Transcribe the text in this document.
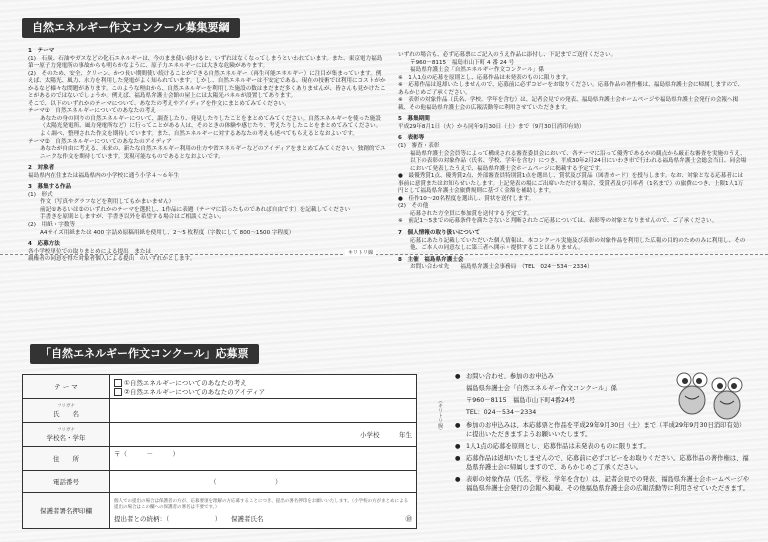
自然エネルギー作文コンクール募集要綱

1　テーマ

(1)　石炭、石油やガスなどの化石エネルギーは、今のまま使い続けると、いずれはなくなってしまうといわれています。また、東京電力福島第一原子力発電所の事故からも明らかなように、原子力エネルギーには大きな危険があります。

(2)　そのため、安全、クリーン、かつ長い期間使い続けることができる自然エネルギー（再生可能エネルギー）に注目が集まっています。例えば、太陽光、風力、水力を利用した発電がよく知られています。しかし、自然エネルギーは不安定である、現在の技術では利用にコストがかかるなど様々な問題があります。このような理由から、自然エネルギーを利用した施設の数はまだまだ多くありませんが、皆さんも見かけたことがあるのではないでしょうか。例えば、福島県弁護士会館の屋上には太陽光パネルが設置してあります。

そこで、以下のいずれかのテーマについて、あなたの考えやアイディアを作文にまとめてみてください。

テーマ①　自然エネルギーについてのあなたの考え

あなたの身の回りの自然エネルギーについて、調査したり、発見したりしたことをまとめてみてください。自然エネルギーを使った施設（太陽光発電所、風力発電所など）に行ってことがある人は、そのときの体験や感じたり、考えたりしたことをまとめてみてください。よく調べ、整理された作文を期待しています。また、自然エネルギーに対するあなたの考えも述べてもらえるとなおよいです。

テーマ②　自然エネルギーについてのあなたのアイディア

あなたが自由に考える、未来の、新たな自然エネルギー利用の仕方や省エネルギーなどのアイディアをまとめてみてください。独創的でユニークな作文を期待しています。実現可能なものであるとなおよいです。

2　対象者

福島県内在住または福島県内の小学校に通う小学４～６年生

3　募集する作品

(1)　形式

作文（写真やグラフなどを利用してもかまいません）

前記①あるいは②のいずれかのテーマを選択し、1作品に表題（テーマに沿ったものであれば自由です）を記載してください

手書きを原則としますが、手書き以外を希望する場合はご相談ください。

(2)　用紙・字数等

A4サイズ用紙または 400 字詰め原稿用紙を使用し、2～5 枚程度（字数にして 800～1500 字程度）

4　応募方法

各小学校単位での取りまとめによる提出　または

親権者の同意を得た対象者個人による提出　のいずれかとします。

いずれの場合も、必ず応募票にご記入のうえ作品に添付し、下記までご送付ください。

〒960－8115　福島市山下町 4 番 24 号

福島県弁護士会「自然エネルギー作文コンクール」係

※　1人1点の応募を原則とし、応募作品は未発表のものに限ります。

※　応募作品は返却いたしませんので、応募前に必ずコピーをお取りください。応募作品の著作権は、福島県弁護士会に帰属しますので、あらかじめご了承ください。

※　表彰の対象作品（氏名、学校、学年を含む）は、記者会見での発表、福島県弁護士会ホームページや福島県弁護士会発行の会報へ掲載、その他福島県弁護士会の広報活動等に利用させていただきます。

5　募集期間

平成29年8月1日（火）から同年9月30日（土）まで（9月30日消印有効）

6　表彰等

(1)　審査・表彰

福島県弁護士会会員等によって構成される審査委員会において、各テーマに沿って優秀であるかの観点から厳正な審査を実施のうえ、以下の表彰の対象作品（氏名、学校、学年を含む）につき、平成30年2月24日にいわき市で行われる福島県弁護士会総会当日、同会場において発表したうえで、福島県弁護士会ホームページに掲載する予定です。

●　最優秀賞1点、優秀賞2点、外部審査員特別賞1点を選出し、賞状及び賞品（図書カード）を授与します。なお、対象となる応募者には事前に意賞またはお知らせいたします。上記発表の場にご出席いただける場合、受賞者及び引率者（1名まで）の旅費につき、上限1人1万円として福島県弁護士会旅費規則に基づく金額を補助します。

●　佳作10～20名程度を選出し、賞状を送付します。

(2)　その他

応募された方全員に参加賞を送付する予定です。

※　前記1～5までの応募条件を満たさないと判断されたご応募については、表彰等の対象となりませんので、ご了承ください。

7　個人情報の取り扱いについて

応募にあたり記載していただいた個人情報は、本コンクール実施及び表彰の対象作品を利用した広報の目的のためのみに利用し、その他、ご本人の同意なしに第三者へ開示・提供することはありません。

8　主催　福島県弁護士会

お問い合わせ先　　福島県弁護士会事務局　（TEL　024－534－2334）

キリトリ線
「自然エネルギー作文コンクール」応募票
テ ー マ	①自然エネルギーについてのあなたの考え
②自然エネルギーについてのあなたのアイディア

フリガナ
氏　　名	

フリガナ
学校名・学年	小学校　　　 年生
住　　所	〒（　　　－　　　）
電話番号	（　　　　　　　　　）
保護者署名押印欄	個人での提出の場合は保護者の方が、応募要項を理解の方応募することにつき、提出の署名押印をお願いいたします。（小学校の方がまとめによる提出の場合はこの欄への保護者の署名は不要です。）
提出者との続柄：（　　　　　　　）　　保護者氏名 ㊞
（キリトリ線）
● お問い合わせ、参加のお申込み
福島県弁護士会「自然エネルギー作文コンクール」係
〒960－8115　福島市山下町4番24号
TEL：024－534－2334
● 参加のお申込みは、本応募票と作品を平成29年9月30日（土）まで（平成29年9月30日消印有効）に提出いただきますようお願いいたします。
● 1人1点の応募を原則とし、応募作品は未発表のものに限ります。
● 応募作品は返却いたしませんので、応募前に必ずコピーをお取りください。応募作品の著作権は、福島県弁護士会に帰属しますので、あらかじめご了承ください。
● 表彰の対象作品（氏名、学校、学年を含む）は、記者会見での発表、福島県弁護士会ホームページや福島県弁護士会発行の会報へ掲載、その他福島県弁護士会の広報活動等に利用させていただきます。
